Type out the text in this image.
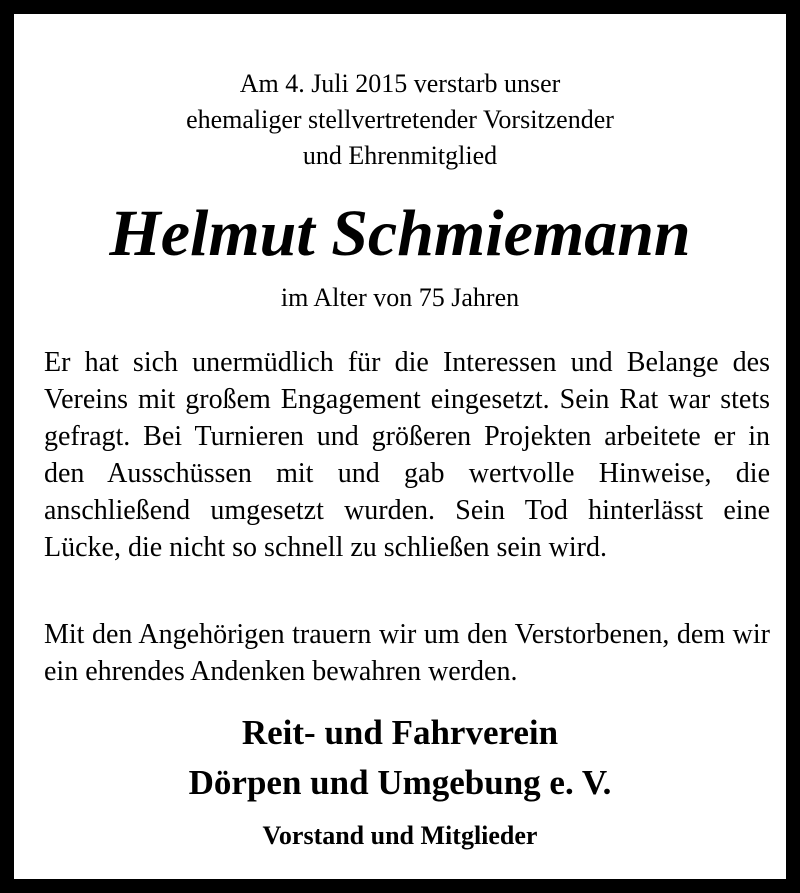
Am 4. Juli 2015 verstarb unser
ehemaliger stellvertretender Vorsitzender
und Ehrenmitglied
Helmut Schmiemann
im Alter von 75 Jahren
Er hat sich unermüdlich für die Interessen und Belange des Vereins mit großem Engagement eingesetzt. Sein Rat war stets gefragt. Bei Turnieren und größeren Projekten arbeitete er in den Ausschüssen mit und gab wertvolle Hinweise, die anschließend umgesetzt wurden. Sein Tod hinterlässt eine Lücke, die nicht so schnell zu schließen sein wird.
Mit den Angehörigen trauern wir um den Verstorbenen, dem wir ein ehrendes Andenken bewahren werden.
Reit- und Fahrverein
Dörpen und Umgebung e. V.
Vorstand und Mitglieder
